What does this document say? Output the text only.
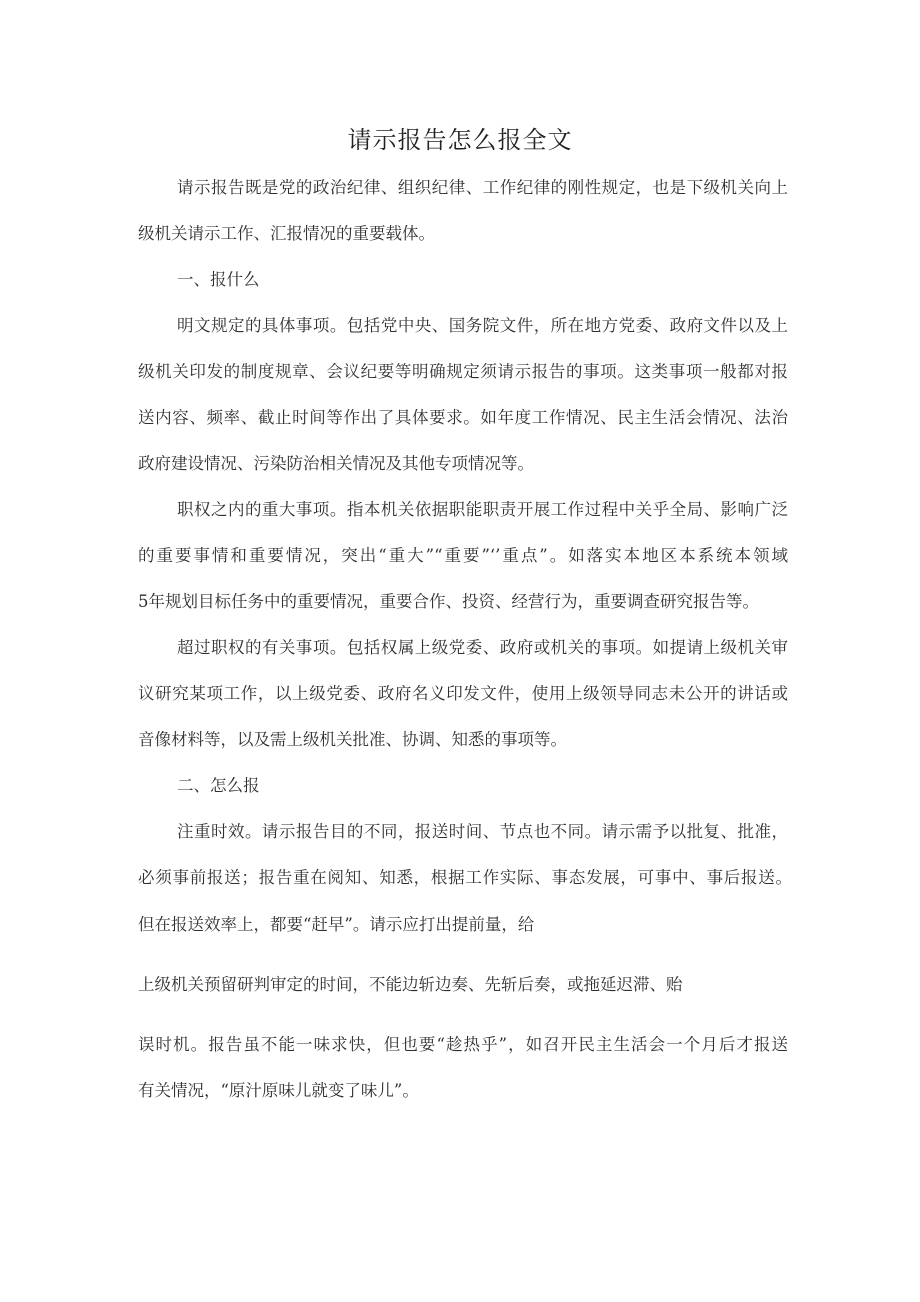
请示报告怎么报全文
请示报告既是党的政治纪律、组织纪律、工作纪律的刚性规定，也是下级机关向上
级机关请示工作、汇报情况的重要载体。
一、报什么
明文规定的具体事项。包括党中央、国务院文件，所在地方党委、政府文件以及上
级机关印发的制度规章、会议纪要等明确规定须请示报告的事项。这类事项一般都对报
送内容、频率、截止时间等作出了具体要求。如年度工作情况、民主生活会情况、法治
政府建设情况、污染防治相关情况及其他专项情况等。
职权之内的重大事项。指本机关依据职能职责开展工作过程中关乎全局、影响广泛
的重要事情和重要情况，突出“重大”“重要”‘’重点”。如落实本地区本系统本领域
5年规划目标任务中的重要情况，重要合作、投资、经营行为，重要调查研究报告等。
超过职权的有关事项。包括权属上级党委、政府或机关的事项。如提请上级机关审
议研究某项工作，以上级党委、政府名义印发文件，使用上级领导同志未公开的讲话或
音像材料等，以及需上级机关批准、协调、知悉的事项等。
二、怎么报
注重时效。请示报告目的不同，报送时间、节点也不同。请示需予以批复、批准，
必须事前报送；报告重在阅知、知悉，根据工作实际、事态发展，可事中、事后报送。
但在报送效率上，都要“赶早”。请示应打出提前量，给
上级机关预留研判审定的时间，不能边斩边奏、先斩后奏，或拖延迟滞、贻
误时机。报告虽不能一味求快，但也要“趁热乎”，如召开民主生活会一个月后才报送
有关情况，“原汁原味儿就变了味儿”。
